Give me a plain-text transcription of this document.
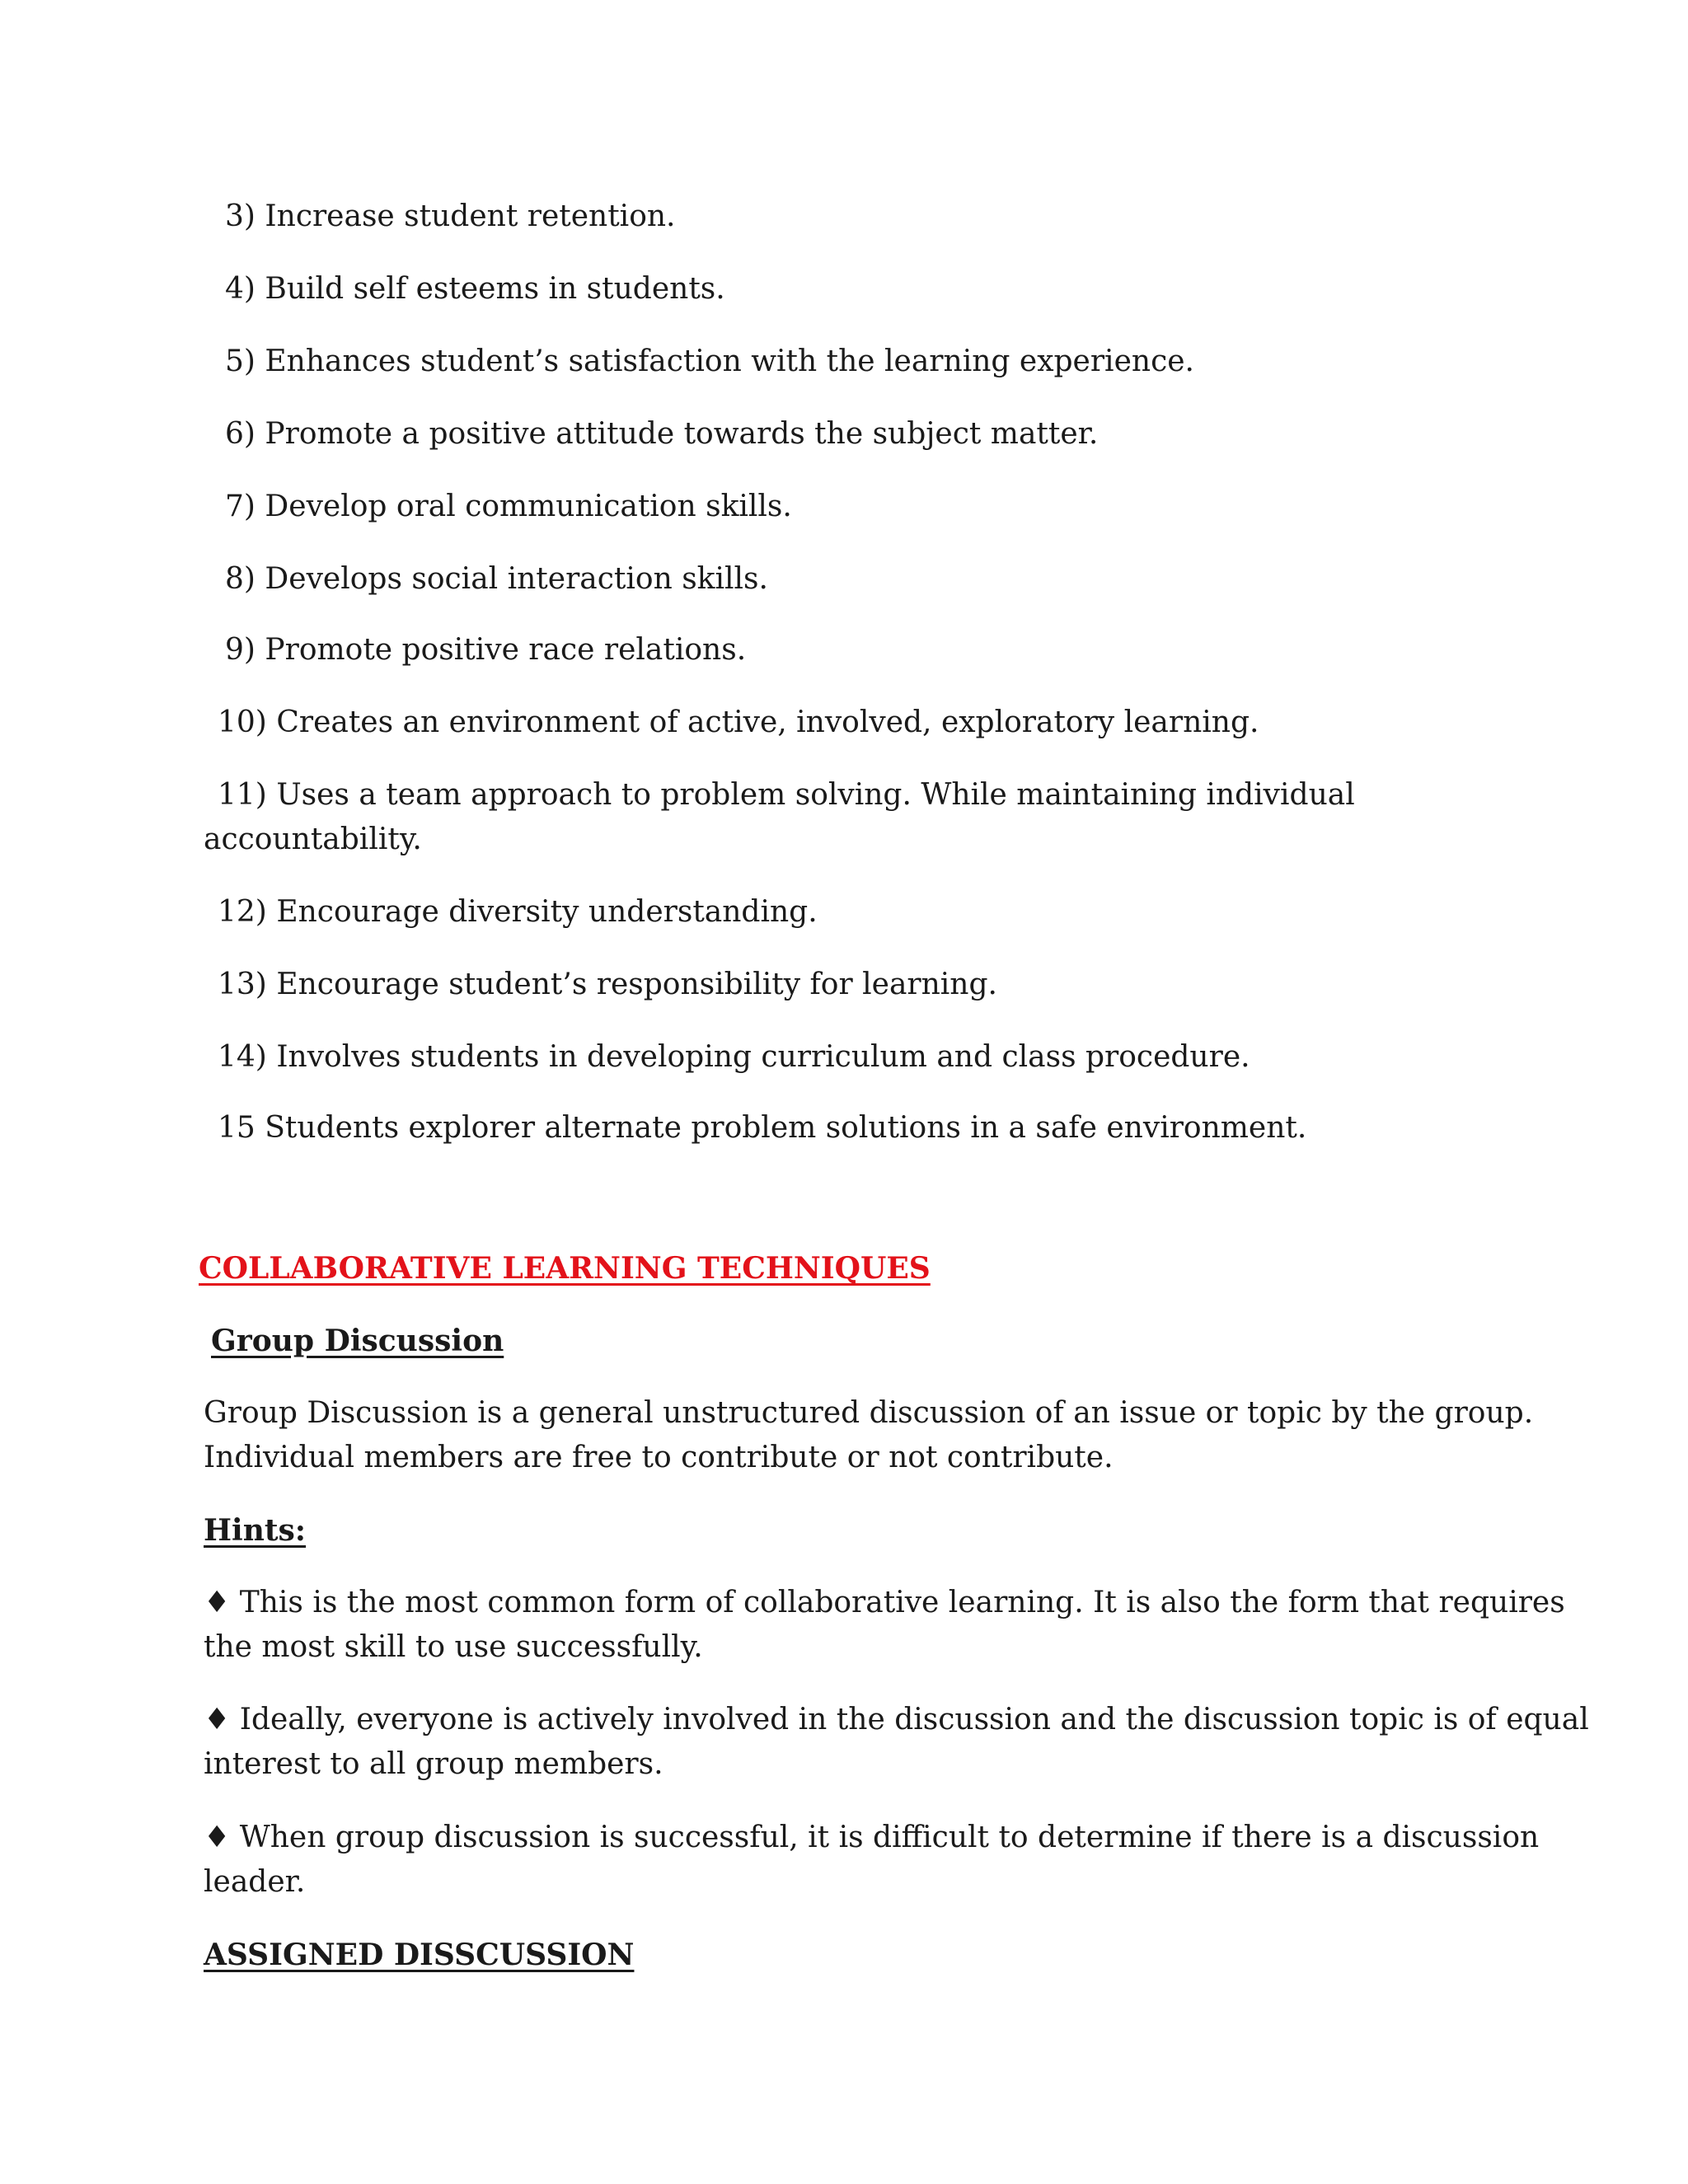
3) Increase student retention.

4) Build self esteems in students.

5) Enhances student’s satisfaction with the learning experience.

6) Promote a positive attitude towards the subject matter.

7) Develop oral communication skills.

8) Develops social interaction skills.

9) Promote positive race relations.

10) Creates an environment of active, involved, exploratory learning.

11) Uses a team approach to problem solving. While maintaining individual

accountability.

12) Encourage diversity understanding.

13) Encourage student’s responsibility for learning.

14) Involves students in developing curriculum and class procedure.

15 Students explorer alternate problem solutions in a safe environment.

COLLABORATIVE LEARNING TECHNIQUES

Group Discussion

Group Discussion is a general unstructured discussion of an issue or topic by the group.

Individual members are free to contribute or not contribute.

Hints:

♦ This is the most common form of collaborative learning. It is also the form that requires

the most skill to use successfully.

♦ Ideally, everyone is actively involved in the discussion and the discussion topic is of equal

interest to all group members.

♦ When group discussion is successful, it is difficult to determine if there is a discussion

leader.

ASSIGNED DISSCUSSION
